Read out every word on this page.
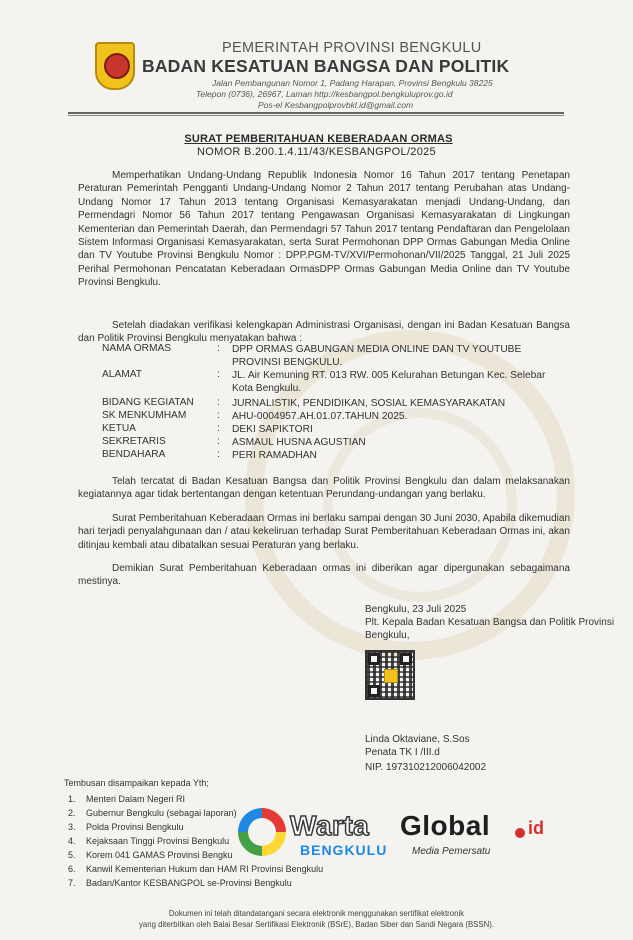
PEMERINTAH PROVINSI BENGKULU
BADAN KESATUAN BANGSA DAN POLITIK
Jalan Pembangunan Nomor 1, Padang Harapan, Provinsi Bengkulu 38225
Telepon (0736), 26967, Laman http://kesbangpol.bengkuluprov.go.id
Pos-el Kesbangpolprovbkl.id@gmail.com
SURAT PEMBERITAHUAN KEBERADAAN ORMAS
NOMOR B.200.1.4.11/43/KESBANGPOL/2025

Memperhatikan Undang-Undang Republik Indonesia Nomor 16 Tahun 2017 tentang Penetapan Peraturan Pemerintah Pengganti Undang-Undang Nomor 2 Tahun 2017 tentang Perubahan atas Undang-Undang Nomor 17 Tahun 2013 tentang Organisasi Kemasyarakatan menjadi Undang-Undang, dan Permendagri Nomor 56 Tahun 2017 tentang Pengawasan Organisasi Kemasyarakatan di Lingkungan Kementerian dan Pemerintah Daerah, dan Permendagri 57 Tahun 2017 tentang Pendaftaran dan Pengelolaan Sistem Informasi Organisasi Kemasyarakatan, serta Surat Permohonan DPP Ormas Gabungan Media Online dan TV Youtube Provinsi Bengkulu Nomor : DPP.PGM-TV/XVI/Permohonan/VII/2025 Tanggal, 21 Juli 2025 Perihal Permohonan Pencatatan Keberadaan OrmasDPP Ormas Gabungan Media Online dan TV Youtube Provinsi Bengkulu.

Setelah diadakan verifikasi kelengkapan Administrasi Organisasi, dengan ini Badan Kesatuan Bangsa dan Politik Provinsi Bengkulu menyatakan bahwa :

NAMA ORMAS	: DPP ORMAS GABUNGAN MEDIA ONLINE DAN TV YOUTUBE PROVINSI BENGKULU.
ALAMAT	: JL. Air Kemuning RT. 013 RW. 005 Kelurahan Betungan Kec. Selebar Kota Bengkulu.
BIDANG KEGIATAN : JURNALISTIK, PENDIDIKAN, SOSIAL KEMASYARAKATAN
SK MENKUMHAM	: AHU-0004957.AH.01.07.TAHUN 2025.
KETUA	: DEKI SAPIKTORI
SEKRETARIS	: ASMAUL HUSNA AGUSTIAN
BENDAHARA	: PERI RAMADHAN

Telah tercatat di Badan Kesatuan Bangsa dan Politik Provinsi Bengkulu dan dalam melaksanakan kegiatannya agar tidak bertentangan dengan ketentuan Perundang-undangan yang berlaku.

Surat Pemberitahuan Keberadaan Ormas ini berlaku sampai dengan 30 Juni 2030, Apabila dikemudian hari terjadi penyalahgunaan dan / atau kekeliruan terhadap Surat Pemberitahuan Keberadaan Ormas ini, akan ditinjau kembali atau dibatalkan sesuai Peraturan yang berlaku.

Demikian Surat Pemberitahuan Keberadaan ormas ini diberikan agar dipergunakan sebagaimana mestinya.

Bengkulu, 23 Juli 2025
Plt. Kepala Badan Kesatuan Bangsa dan Politik Provinsi
Bengkulu,
Linda Oktaviane, S.Sos
Penata TK I /III.d
NIP. 197310212006042002
Tembusan disampaikan kepada Yth;
1. Menteri Dalam Negeri RI
2. Gubernur Bengkulu (sebagai laporan)
3. Polda Provinsi Bengkulu
4. Kejaksaan Tinggi Provinsi Bengkulu
5. Korem 041 GAMAS Provinsi Bengku
6. Kanwil Kementerian Hukum dan HAM RI Provinsi Bengkulu
7. Badan/Kantor KESBANGPOL se-Provinsi Bengkulu
Warta Global id
BENGKULU Media Pemersatu
Dokumen ini telah ditandatangani secara elektronik menggunakan sertifikat elektronik
yang diterbitkan oleh Balai Besar Sertifikasi Elektronik (BSrE), Badan Siber dan Sandi Negara (BSSN).
